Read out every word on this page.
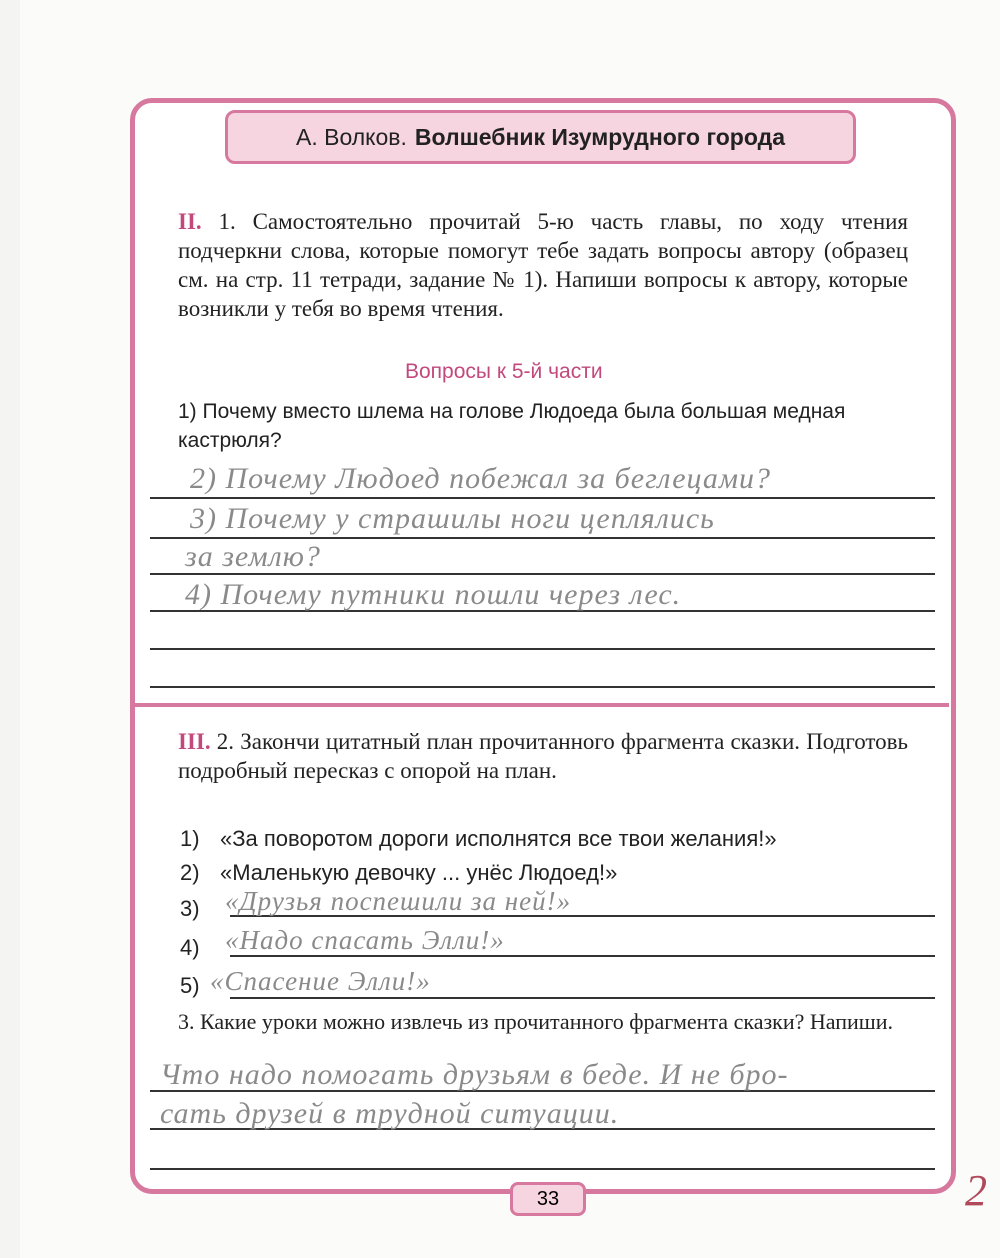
А. Волков. Волшебник Изумрудного города
II. 1. Самостоятельно прочитай 5-ю часть главы, по ходу чтения подчеркни слова, которые помогут тебе задать вопросы автору (образец см. на стр. 11 тетради, задание № 1). Напиши вопросы к автору, которые возникли у тебя во время чтения.
Вопросы к 5-й части
1) Почему вместо шлема на голове Людоеда была большая медная кастрюля?
2) Почему Людоед побежал за беглецами?
3) Почему у страшилы ноги цеплялись
за землю?
4) Почему путники пошли через лес.
III. 2. Закончи цитатный план прочитанного фрагмента сказки. Подготовь подробный пересказ с опорой на план.
1) «За поворотом дороги исполнятся все твои желания!»
2) «Маленькую девочку ... унёс Людоед!»
3)
4)
5)
«Друзья поспешили за ней!»
«Надо спасать Элли!»
«Спасение Элли!»
3. Какие уроки можно извлечь из прочитанного фрагмента сказки? Напиши.
Что надо помогать друзьям в беде. И не бро-
сать друзей в трудной ситуации.
33	2
